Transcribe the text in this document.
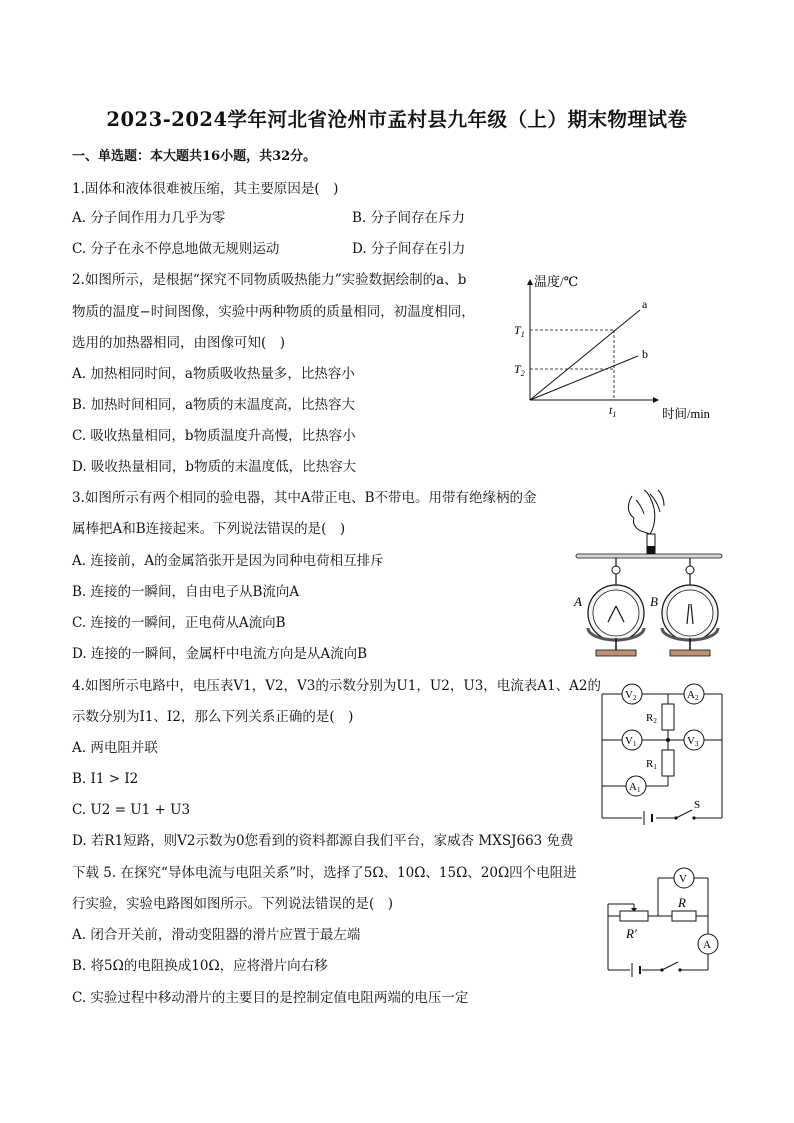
2023-2024学年河北省沧州市孟村县九年级（上）期末物理试卷
一、单选题：本大题共16小题，共32分。
1.固体和液体很难被压缩，其主要原因是(　)
A. 分子间作用力几乎为零	B. 分子间存在斥力
C. 分子在永不停息地做无规则运动	D. 分子间存在引力
2.如图所示，是根据“探究不同物质吸热能力”实验数据绘制的a、b
物质的温度−时间图像，实验中两种物质的质量相同，初温度相同，
选用的加热器相同，由图像可知(　)
A. 加热相同时间，a物质吸收热量多，比热容小
B. 加热时间相同，a物质的末温度高，比热容大
C. 吸收热量相同，b物质温度升高慢，比热容小
D. 吸收热量相同，b物质的末温度低，比热容大
温度/℃
时间/min
$T_1$
$T_2$
$t_1$
a
b
3.如图所示有两个相同的验电器，其中A带正电、B不带电。用带有绝缘柄的金
属棒把A和B连接起来。下列说法错误的是(　)
A. 连接前，A的金属箔张开是因为同种电荷相互排斥
B. 连接的一瞬间，自由电子从B流向A
C. 连接的一瞬间，正电荷从A流向B
D. 连接的一瞬间，金属杆中电流方向是从A流向B
A	B
4.如图所示电路中，电压表V1，V2，V3的示数分别为U1，U2，U3，电流表A1、A2的
示数分别为I1、I2，那么下列关系正确的是(　)
A. 两电阻并联
B. I1 > I2
C. U2 = U1 + U3
D. 若R1短路，则V2示数为0您看到的资料都源自我们平台，家威杏 MXSJ663 免费
V2	A2
V1	V3
A1
R2
R1
S
下载 5. 在探究“导体电流与电阻关系”时，选择了5Ω、10Ω、15Ω、20Ω四个电阻进
行实验，实验电路图如图所示。下列说法错误的是(　)
A. 闭合开关前，滑动变阻器的滑片应置于最左端
B. 将5Ω的电阻换成10Ω，应将滑片向右移
C. 实验过程中移动滑片的主要目的是控制定值电阻两端的电压一定
V
A
R
R′
